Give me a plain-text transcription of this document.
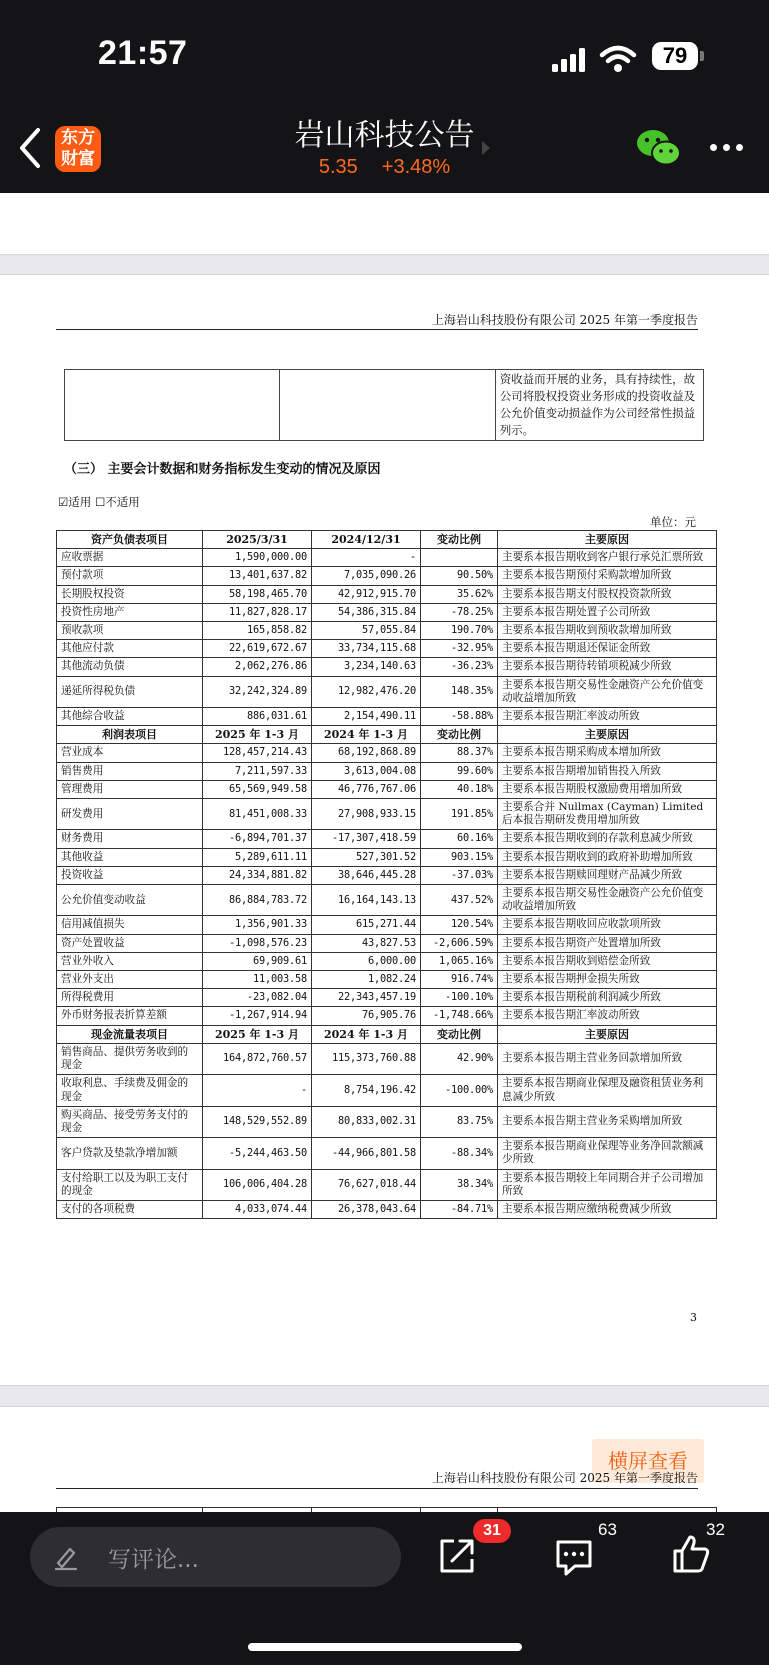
21:57	79
东方
财富
岩山科技公告
5.35 +3.48%
上海岩山科技股份有限公司 2025 年第一季度报告
		资收益而开展的业务，具有持续性，故公司将股权投资业务形成的投资收益及公允价值变动损益作为公司经常性损益列示。
（三） 主要会计数据和财务指标发生变动的情况及原因
☑适用 ☐不适用
单位：元
资产负债表项目	2025/3/31	2024/12/31	变动比例	主要原因
应收票据	1,590,000.00	-		主要系本报告期收到客户银行承兑汇票所致
预付款项	13,401,637.82	7,035,090.26	90.50%	主要系本报告期预付采购款增加所致
长期股权投资	58,198,465.70	42,912,915.70	35.62%	主要系本报告期支付股权投资款所致
投资性房地产	11,827,828.17	54,386,315.84	-78.25%	主要系本报告期处置子公司所致
预收款项	165,858.82	57,055.84	190.70%	主要系本报告期收到预收款增加所致
其他应付款	22,619,672.67	33,734,115.68	-32.95%	主要系本报告期退还保证金所致
其他流动负债	2,062,276.86	3,234,140.63	-36.23%	主要系本报告期待转销项税减少所致
递延所得税负债	32,242,324.89	12,982,476.20	148.35%	主要系本报告期交易性金融资产公允价值变动收益增加所致
其他综合收益	886,031.61	2,154,490.11	-58.88%	主要系本报告期汇率波动所致
利润表项目	2025 年 1-3 月	2024 年 1-3 月	变动比例	主要原因
营业成本	128,457,214.43	68,192,868.89	88.37%	主要系本报告期采购成本增加所致
销售费用	7,211,597.33	3,613,004.08	99.60%	主要系本报告期增加销售投入所致
管理费用	65,569,949.58	46,776,767.06	40.18%	主要系本报告期股权激励费用增加所致
研发费用	81,451,008.33	27,908,933.15	191.85%	主要系合并 Nullmax (Cayman) Limited 后本报告期研发费用增加所致
财务费用	-6,894,701.37	-17,307,418.59	60.16%	主要系本报告期收到的存款利息减少所致
其他收益	5,289,611.11	527,301.52	903.15%	主要系本报告期收到的政府补助增加所致
投资收益	24,334,881.82	38,646,445.28	-37.03%	主要系本报告期赎回理财产品减少所致
公允价值变动收益	86,884,783.72	16,164,143.13	437.52%	主要系本报告期交易性金融资产公允价值变动收益增加所致
信用减值损失	1,356,901.33	615,271.44	120.54%	主要系本报告期收回应收款项所致
资产处置收益	-1,098,576.23	43,827.53	-2,606.59%	主要系本报告期资产处置增加所致
营业外收入	69,909.61	6,000.00	1,065.16%	主要系本报告期收到赔偿金所致
营业外支出	11,003.58	1,082.24	916.74%	主要系本报告期押金损失所致
所得税费用	-23,082.04	22,343,457.19	-100.10%	主要系本报告期税前利润减少所致
外币财务报表折算差额	-1,267,914.94	76,905.76	-1,748.66%	主要系本报告期汇率波动所致
现金流量表项目	2025 年 1-3 月	2024 年 1-3 月	变动比例	主要原因
销售商品、提供劳务收到的现金	164,872,760.57	115,373,760.88	42.90%	主要系本报告期主营业务回款增加所致
收取利息、手续费及佣金的现金	-	8,754,196.42	-100.00%	主要系本报告期商业保理及融资租赁业务利息减少所致
购买商品、接受劳务支付的现金	148,529,552.89	80,833,002.31	83.75%	主要系本报告期主营业务采购增加所致
客户贷款及垫款净增加额	-5,244,463.50	-44,966,801.58	-88.34%	主要系本报告期商业保理等业务净回款额减少所致
支付给职工以及为职工支付的现金	106,006,404.28	76,627,018.44	38.34%	主要系本报告期较上年同期合并子公司增加所致
支付的各项税费	4,033,074.44	26,378,043.64	-84.71%	主要系本报告期应缴纳税费减少所致
3
横屏查看
上海岩山科技股份有限公司 2025 年第一季度报告

写评论...
31	63	32
